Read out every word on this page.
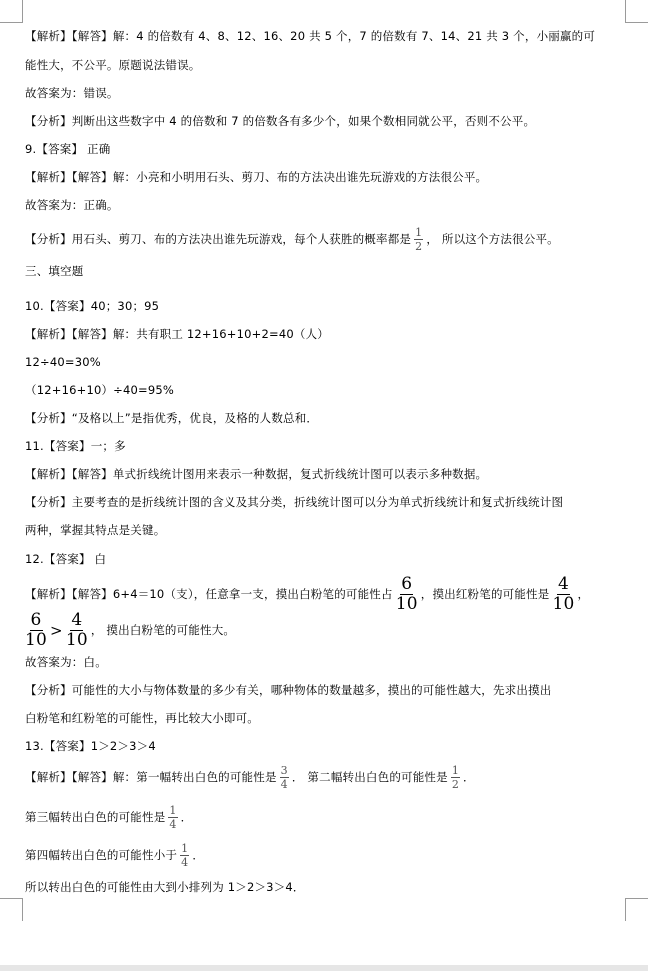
【解析】【解答】解：4 的倍数有 4、8、12、16、20 共 5 个，7 的倍数有 7、14、21 共 3 个，小丽赢的可
能性大，不公平。原题说法错误。
故答案为：错误。
【分析】判断出这些数字中 4 的倍数和 7 的倍数各有多少个，如果个数相同就公平，否则不公平。
9.【答案】 正确
【解析】【解答】解：小亮和小明用石头、剪刀、布的方法决出谁先玩游戏的方法很公平。
故答案为：正确。
【分析】用石头、剪刀、布的方法决出谁先玩游戏，每个人获胜的概率都是 $\frac{1}{2}$ ， 所以这个方法很公平。
三、填空题
10.【答案】40；30；95
【解析】【解答】解：共有职工 12+16+10+2=40（人）
12÷40=30%
（12+16+10）÷40=95%
【分析】“及格以上”是指优秀，优良，及格的人数总和．
11.【答案】一；多
【解析】【解答】单式折线统计图用来表示一种数据，复式折线统计图可以表示多种数据。
【分析】主要考查的是折线统计图的含义及其分类，折线统计图可以分为单式折线统计和复式折线统计图
两种，掌握其特点是关键。
12.【答案】 白
【解析】【解答】6+4＝10（支），任意拿一支，摸出白粉笔的可能性占 $\frac{6}{10}$ ，摸出红粉笔的可能性是 $\frac{4}{10}$ ，
$\frac{6}{10} > \frac{4}{10}$ ， 摸出白粉笔的可能性大。
故答案为：白。
【分析】可能性的大小与物体数量的多少有关，哪种物体的数量越多，摸出的可能性越大，先求出摸出
白粉笔和红粉笔的可能性，再比较大小即可。
13.【答案】1＞2＞3＞4
【解析】【解答】解：第一幅转出白色的可能性是 $\frac{3}{4}$ ． 第二幅转出白色的可能性是 $\frac{1}{2}$ ．
第三幅转出白色的可能性是 $\frac{1}{4}$ ．
第四幅转出白色的可能性小于 $\frac{1}{4}$ ．
所以转出白色的可能性由大到小排列为 1＞2＞3＞4．
